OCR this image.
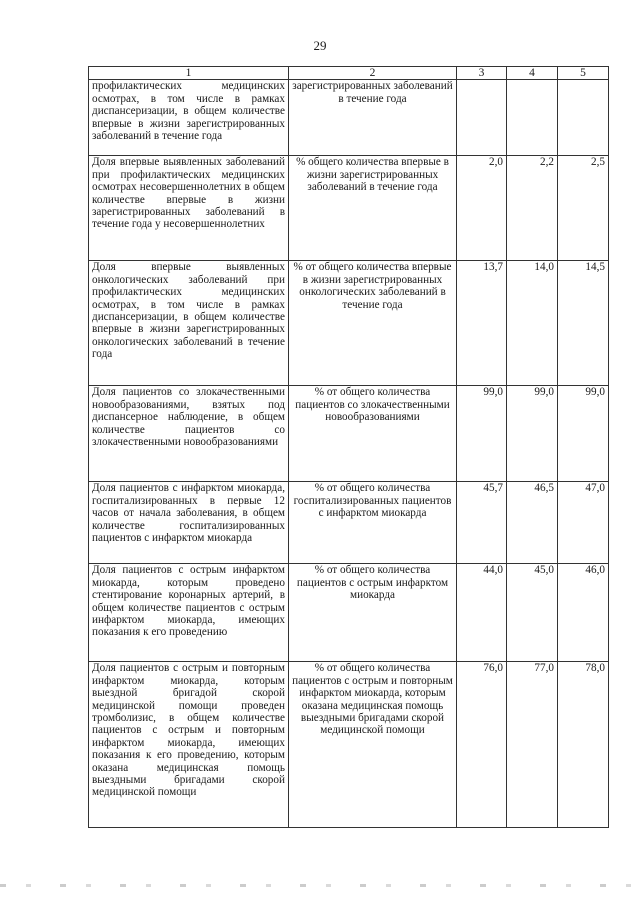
29
1	2	3	4	5
профилактических медицинских осмотрах, в том числе в рамках диспансеризации, в общем количестве впервые в жизни зарегистрированных заболеваний в течение года	зарегистрированных заболеваний в течение года			
Доля впервые выявленных заболеваний при профилактических медицинских осмотрах несовершеннолетних в общем количестве впервые в жизни зарегистрированных заболеваний в течение года у несовершеннолетних	% общего количества впервые в жизни зарегистрированных заболеваний в течение года	2,0	2,2	2,5
Доля впервые выявленных онкологических заболеваний при профилактических медицинских осмотрах, в том числе в рамках диспансеризации, в общем количестве впервые в жизни зарегистрированных онкологических заболеваний в течение года	% от общего количества впервые в жизни зарегистрированных онкологических заболеваний в течение года	13,7	14,0	14,5
Доля пациентов со злокачественными новообразованиями, взятых под диспансерное наблюдение, в общем количестве пациентов со злокачественными новообразованиями	% от общего количества пациентов со злокачественными новообразованиями	99,0	99,0	99,0
Доля пациентов с инфарктом миокарда, госпитализированных в первые 12 часов от начала заболевания, в общем количестве госпитализированных пациентов с инфарктом миокарда	% от общего количества госпитализированных пациентов с инфарктом миокарда	45,7	46,5	47,0
Доля пациентов с острым инфарктом миокарда, которым проведено стентирование коронарных артерий, в общем количестве пациентов с острым инфарктом миокарда, имеющих показания к его проведению	% от общего количества пациентов с острым инфарктом миокарда	44,0	45,0	46,0
Доля пациентов с острым и повторным инфарктом миокарда, которым выездной бригадой скорой медицинской помощи проведен тромболизис, в общем количестве пациентов с острым и повторным инфарктом миокарда, имеющих показания к его проведению, которым оказана медицинская помощь выездными бригадами скорой медицинской помощи	% от общего количества пациентов с острым и повторным инфарктом миокарда, которым оказана медицинская помощь выездными бригадами скорой медицинской помощи	76,0	77,0	78,0
